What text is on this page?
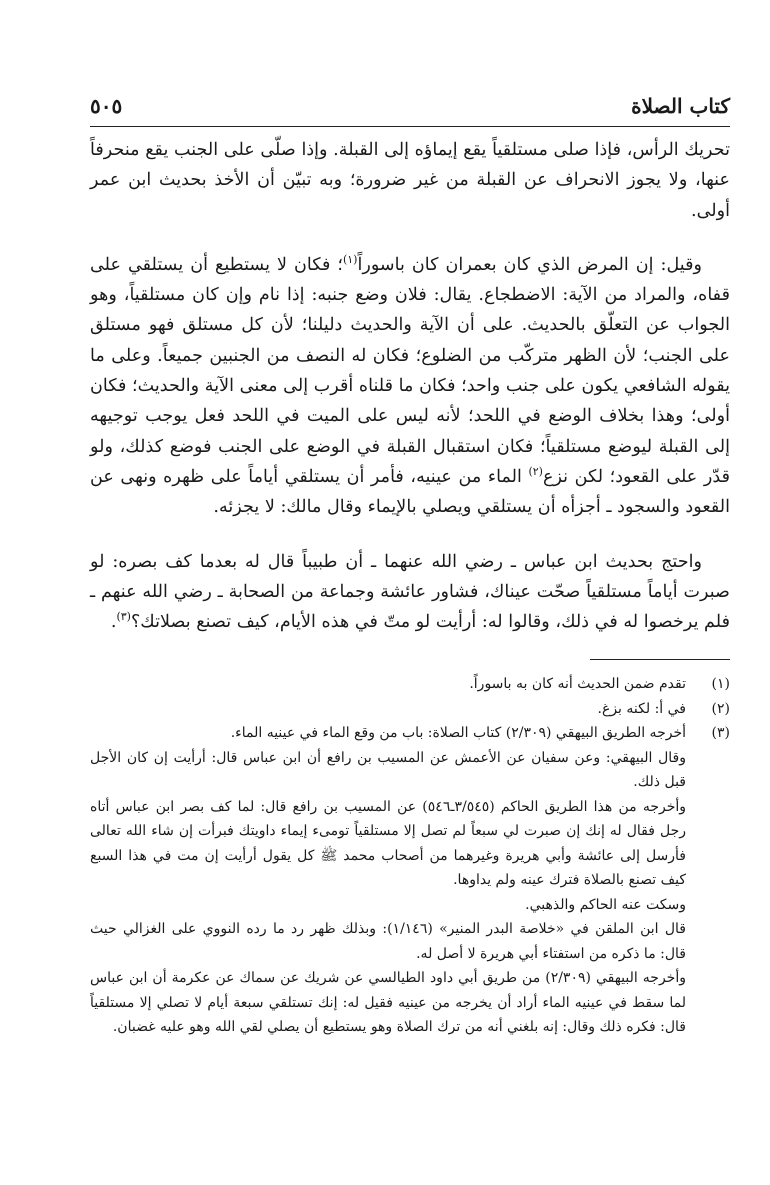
كتاب الصلاة
٥٠٥

تحريك الرأس، فإذا صلى مستلقياً يقع إيماؤه إلى القبلة. وإذا صلّى على الجنب يقع منحرفاً عنها، ولا يجوز الانحراف عن القبلة من غير ضرورة؛ وبه تبيّن أن الأخذ بحديث ابن عمر أولى.

وقيل: إن المرض الذي كان بعمران كان باسوراً$^{(١)}$؛ فكان لا يستطيع أن يستلقي على قفاه، والمراد من الآية: الاضطجاع. يقال: فلان وضع جنبه: إذا نام وإن كان مستلقياً، وهو الجواب عن التعلّق بالحديث. على أن الآية والحديث دليلنا؛ لأن كل مستلق فهو مستلق على الجنب؛ لأن الظهر متركّب من الضلوع؛ فكان له النصف من الجنبين جميعاً. وعلى ما يقوله الشافعي يكون على جنب واحد؛ فكان ما قلناه أقرب إلى معنى الآية والحديث؛ فكان أولى؛ وهذا بخلاف الوضع في اللحد؛ لأنه ليس على الميت في اللحد فعل يوجب توجيهه إلى القبلة ليوضع مستلقياً؛ فكان استقبال القبلة في الوضع على الجنب فوضع كذلك، ولو قدّر على القعود؛ لكن نزع$^{(٢)}$ الماء من عينيه، فأمر أن يستلقي أياماً على ظهره ونهى عن القعود والسجود ـ أجزأه أن يستلقي ويصلي بالإيماء وقال مالك: لا يجزئه.

واحتج بحديث ابن عباس ـ رضي الله عنهما ـ أن طبيباً قال له بعدما كف بصره: لو صبرت أياماً مستلقياً صحّت عيناك، فشاور عائشة وجماعة من الصحابة ـ رضي الله عنهم ـ فلم يرخصوا له في ذلك، وقالوا له: أرأيت لو متّ في هذه الأيام، كيف تصنع بصلاتك؟$^{(٣)}$.

(١)
تقدم ضمن الحديث أنه كان به باسوراً.
(٢)
في أ: لكنه بزغ.
(٣)
أخرجه الطريق البيهقي (٢/٣٠٩) كتاب الصلاة: باب من وقع الماء في عينيه الماء.
وقال البيهقي: وعن سفيان عن الأعمش عن المسيب بن رافع أن ابن عباس قال: أرأيت إن كان الأجل قبل ذلك.
وأخرجه من هذا الطريق الحاكم (٣/٥٤٥ـ٥٤٦) عن المسيب بن رافع قال: لما كف بصر ابن عباس أتاه رجل فقال له إنك إن صبرت لي سبعاً لم تصل إلا مستلقياً تومىء إيماء داويتك فبرأت إن شاء الله تعالى فأرسل إلى عائشة وأبي هريرة وغيرهما من أصحاب محمد ﷺ كل يقول أرأيت إن مت في هذا السبع كيف تصنع بالصلاة فترك عينه ولم يداوها.
وسكت عنه الحاكم والذهبي.
قال ابن الملقن في «خلاصة البدر المنير» (١/١٤٦): وبذلك ظهر رد ما رده النووي على الغزالي حيث قال: ما ذكره من استفتاء أبي هريرة لا أصل له.
وأخرجه البيهقي (٢/٣٠٩) من طريق أبي داود الطيالسي عن شريك عن سماك عن عكرمة أن ابن عباس لما سقط في عينيه الماء أراد أن يخرجه من عينيه فقيل له: إنك تستلقي سبعة أيام لا تصلي إلا مستلقياً قال: فكره ذلك وقال: إنه بلغني أنه من ترك الصلاة وهو يستطيع أن يصلي لقي الله وهو عليه غضبان.
